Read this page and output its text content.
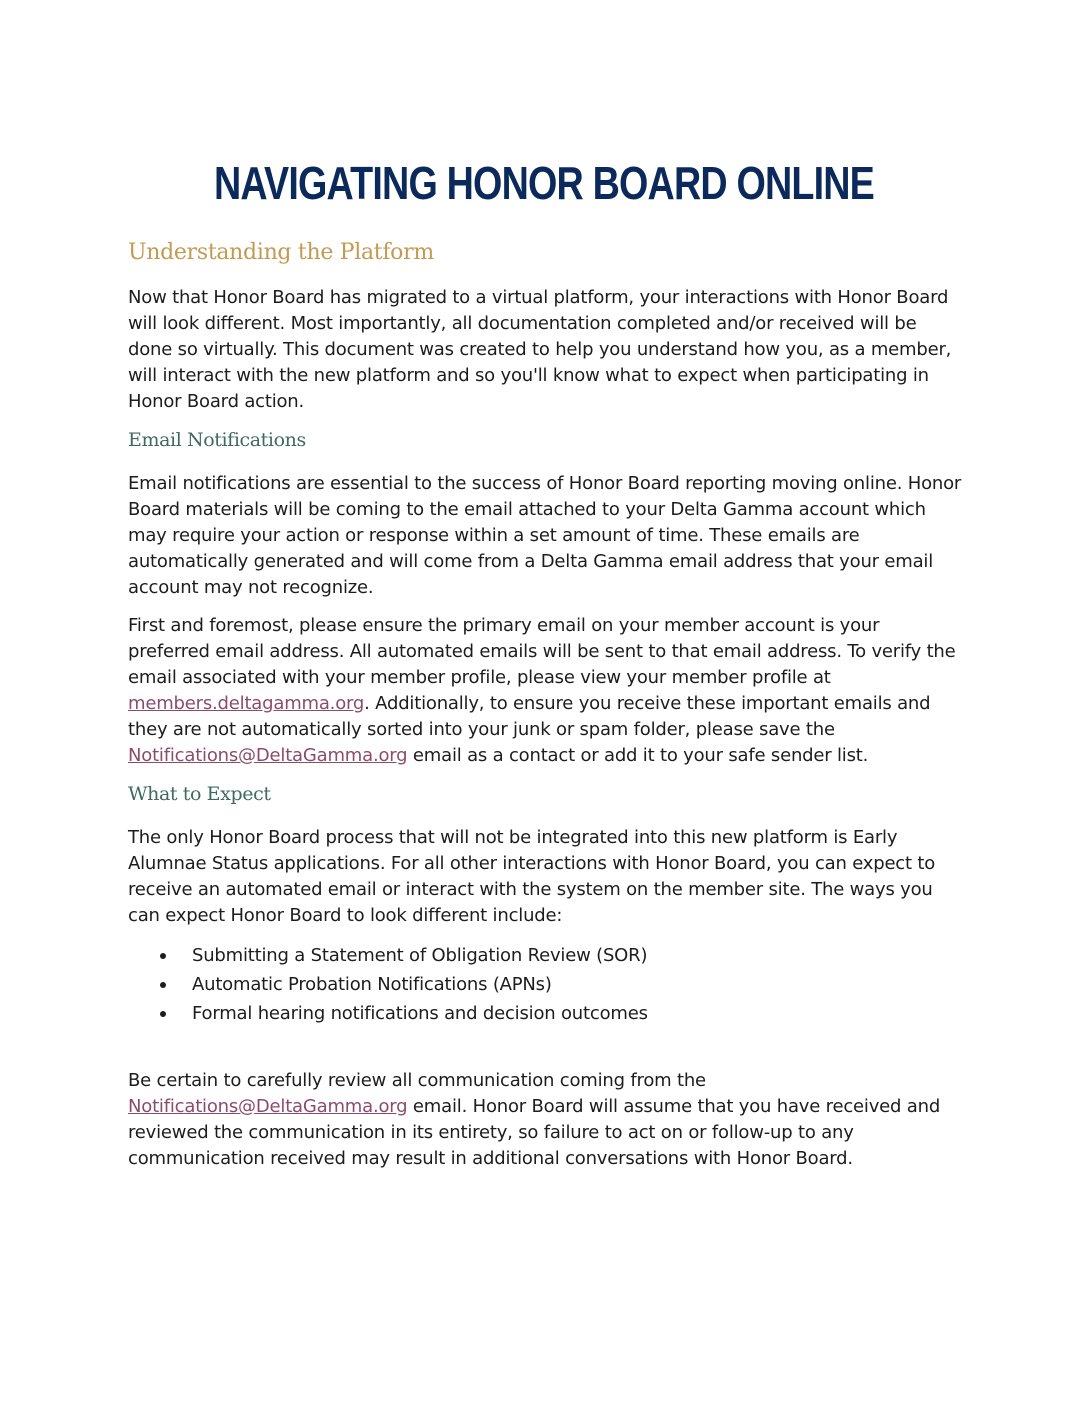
NAVIGATING HONOR BOARD ONLINE
Understanding the Platform

Now that Honor Board has migrated to a virtual platform, your interactions with Honor Board will look different. Most importantly, all documentation completed and/or received will be done so virtually. This document was created to help you understand how you, as a member, will interact with the new platform and so you'll know what to expect when participating in Honor Board action.

Email Notifications

Email notifications are essential to the success of Honor Board reporting moving online. Honor Board materials will be coming to the email attached to your Delta Gamma account which may require your action or response within a set amount of time. These emails are automatically generated and will come from a Delta Gamma email address that your email account may not recognize.

First and foremost, please ensure the primary email on your member account is your preferred email address. All automated emails will be sent to that email address. To verify the email associated with your member profile, please view your member profile at members.deltagamma.org. Additionally, to ensure you receive these important emails and they are not automatically sorted into your junk or spam folder, please save the Notifications@DeltaGamma.org email as a contact or add it to your safe sender list.

What to Expect

The only Honor Board process that will not be integrated into this new platform is Early Alumnae Status applications. For all other interactions with Honor Board, you can expect to receive an automated email or interact with the system on the member site. The ways you can expect Honor Board to look different include:

Submitting a Statement of Obligation Review (SOR)
Automatic Probation Notifications (APNs)
Formal hearing notifications and decision outcomes

Be certain to carefully review all communication coming from the Notifications@DeltaGamma.org email. Honor Board will assume that you have received and reviewed the communication in its entirety, so failure to act on or follow-up to any communication received may result in additional conversations with Honor Board.
